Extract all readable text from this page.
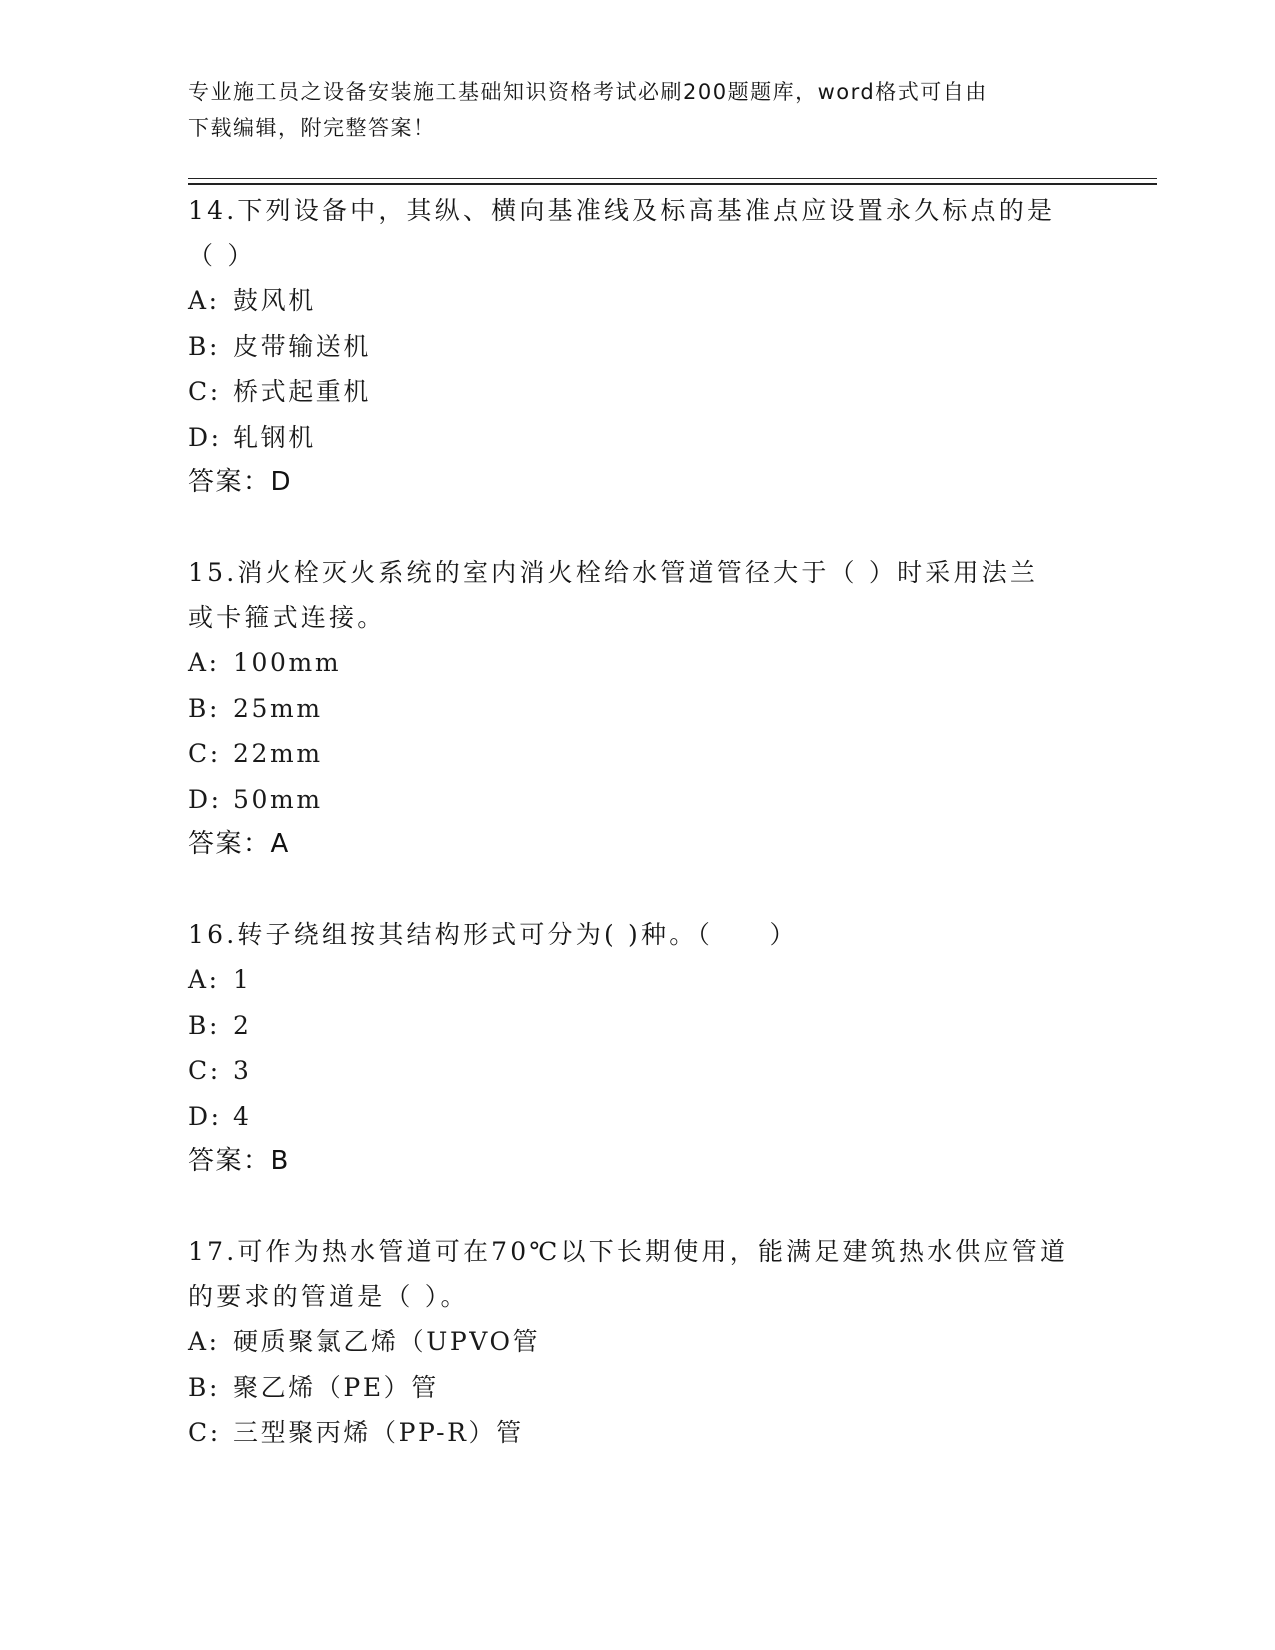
专业施工员之设备安装施工基础知识资格考试必刷200题题库，word格式可自由
下载编辑，附完整答案！
14.下列设备中，其纵、横向基准线及标高基准点应设置永久标点的是
（ ）
A: 鼓风机
B: 皮带输送机
C: 桥式起重机
D: 轧钢机
答案：D
15.消火栓灭火系统的室内消火栓给水管道管径大于（ ）时采用法兰
或卡箍式连接。
A: 100mm
B: 25mm
C: 22mm
D: 50mm
答案：A
16.转子绕组按其结构形式可分为( )种。（　　）
A: 1
B: 2
C: 3
D: 4
答案：B
17.可作为热水管道可在70℃以下长期使用，能满足建筑热水供应管道
的要求的管道是（ ）。
A: 硬质聚氯乙烯（UPVO管
B: 聚乙烯（PE）管
C: 三型聚丙烯（PP-R）管
